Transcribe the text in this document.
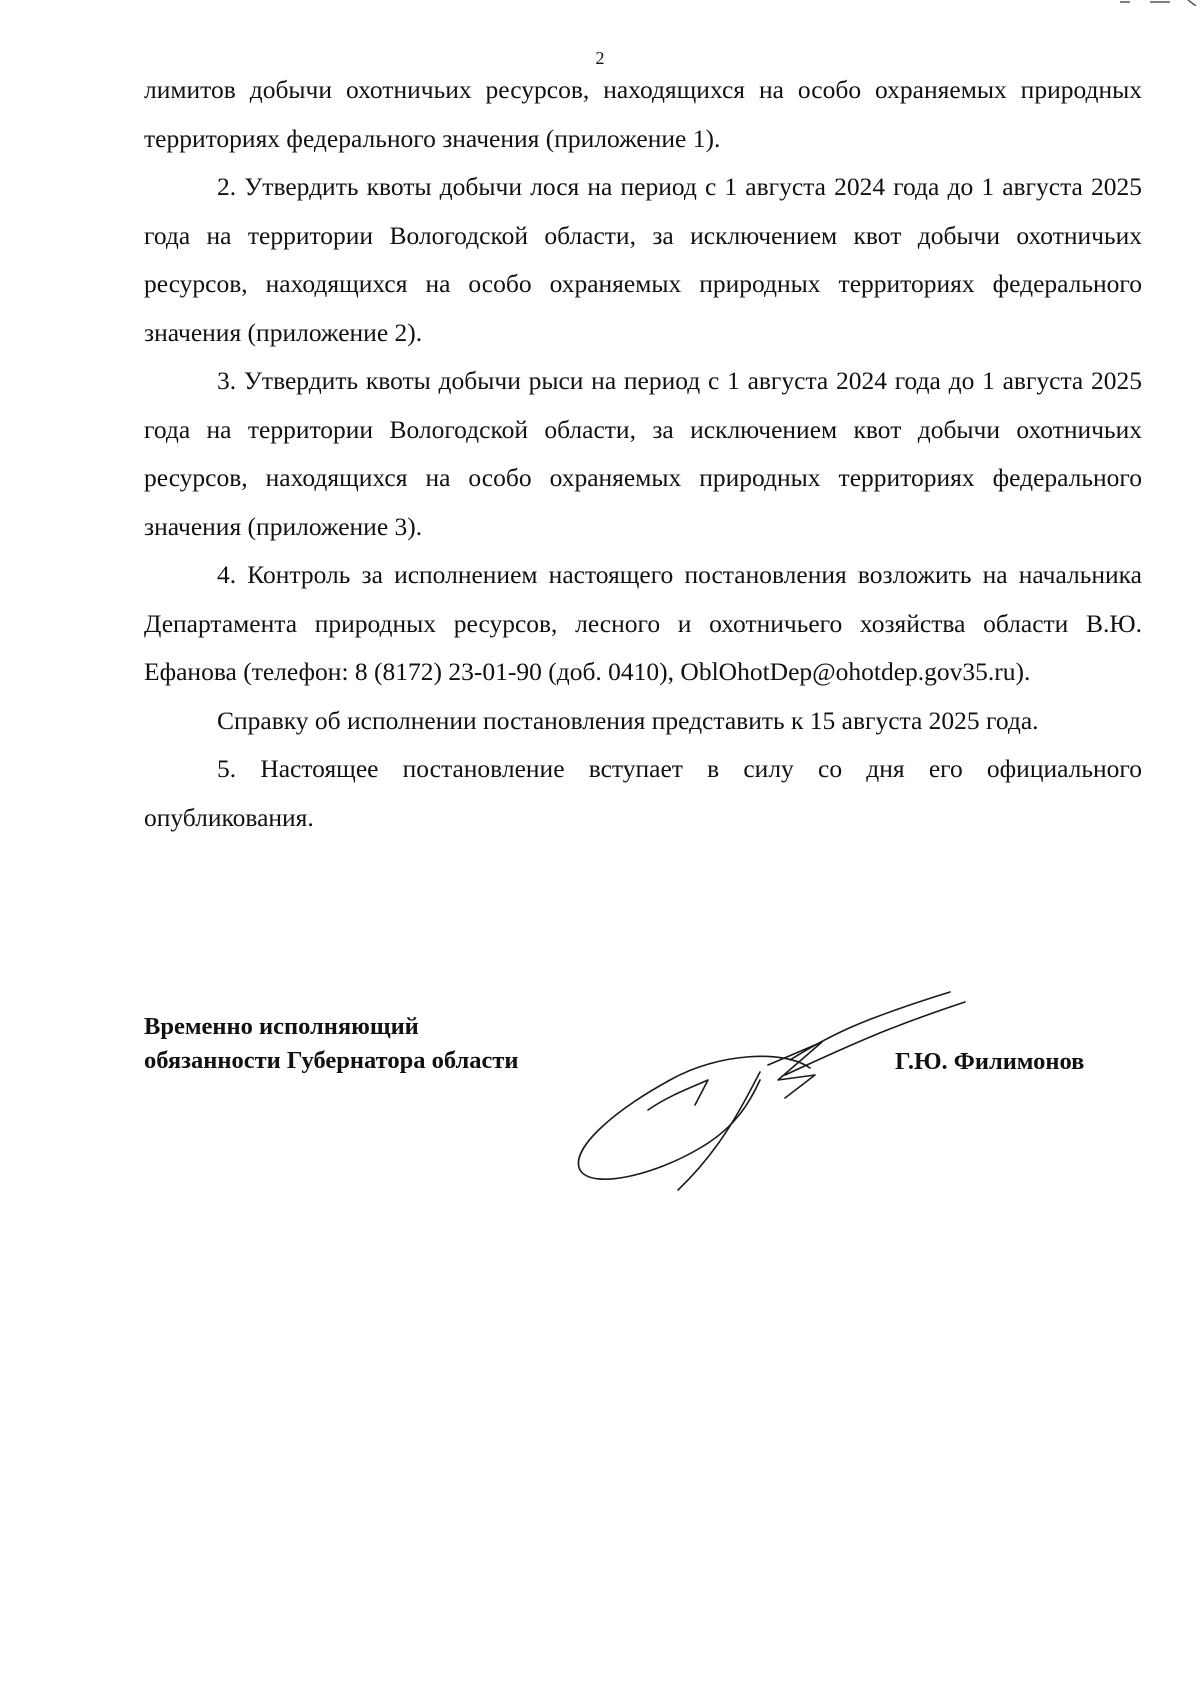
2

лимитов добычи охотничьих ресурсов, находящихся на особо охраняемых природных территориях федерального значения (приложение 1).

2. Утвердить квоты добычи лося на период с 1 августа 2024 года до 1 августа 2025 года на территории Вологодской области, за исключением квот добычи охотничьих ресурсов, находящихся на особо охраняемых природных территориях федерального значения (приложение 2).

3. Утвердить квоты добычи рыси на период с 1 августа 2024 года до 1 августа 2025 года на территории Вологодской области, за исключением квот добычи охотничьих ресурсов, находящихся на особо охраняемых природных территориях федерального значения (приложение 3).

4. Контроль за исполнением настоящего постановления возложить на начальника Департамента природных ресурсов, лесного и охотничьего хозяйства области В.Ю. Ефанова (телефон: 8 (8172) 23-01-90 (доб. 0410), OblOhotDep@ohotdep.gov35.ru).

Справку об исполнении постановления представить к 15 августа 2025 года.

5. Настоящее постановление вступает в силу со дня его официального опубликования.

Временно исполняющий
обязанности Губернатора области	Г.Ю. Филимонов
